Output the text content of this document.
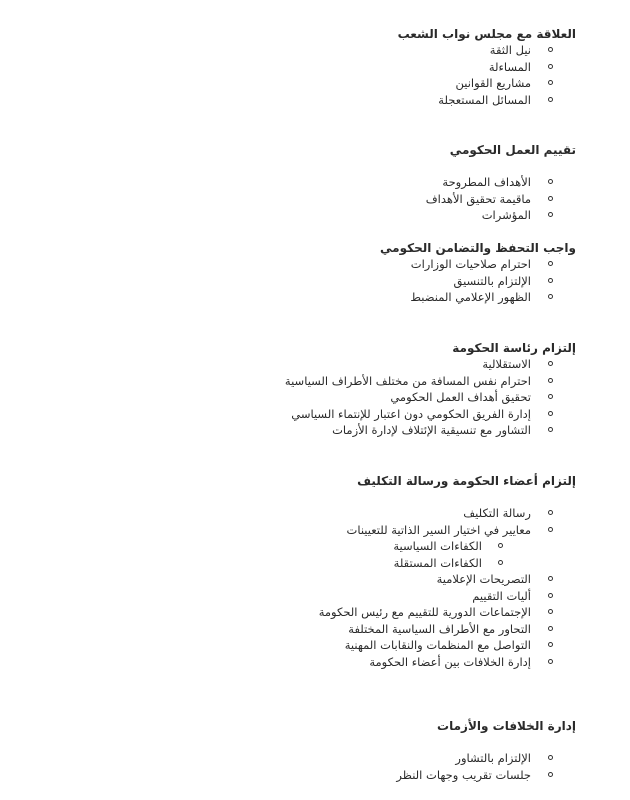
العلاقة مع مجلس نواب الشعب
نيل الثقة
المساءلة
مشاريع القوانين
المسائل المستعجلة
تقييم العمل الحكومي
الأهداف المطروحة
ماقيمة تحقيق الأهداف
المؤشرات
واجب التحفظ والتضامن الحكومي
احترام صلاحيات الوزارات
الإلتزام بالتنسيق
الظهور الإعلامي المنضبط
إلتزام رئاسة الحكومة
الاستقلالية
احترام نفس المسافة من مختلف الأطراف السياسية
تحقيق أهداف العمل الحكومي
إدارة الفريق الحكومي دون اعتبار للإنتماء السياسي
التشاور مع تنسيقية الإئتلاف لإدارة الأزمات
إلتزام أعضاء الحكومة ورسالة التكليف
رسالة التكليف
معايير في اختيار السير الذاتية للتعيينات
الكفاءات السياسية
الكفاءات المستقلة
التصريحات الإعلامية
أليات التقييم
الإجتماعات الدورية للتقييم مع رئيس الحكومة
التحاور مع الأطراف السياسية المختلفة
التواصل مع المنظمات والنقابات المهنية
إدارة الخلافات بين أعضاء الحكومة
إدارة الخلافات والأزمات
الإلتزام بالتشاور
جلسات تقريب وجهات النظر
